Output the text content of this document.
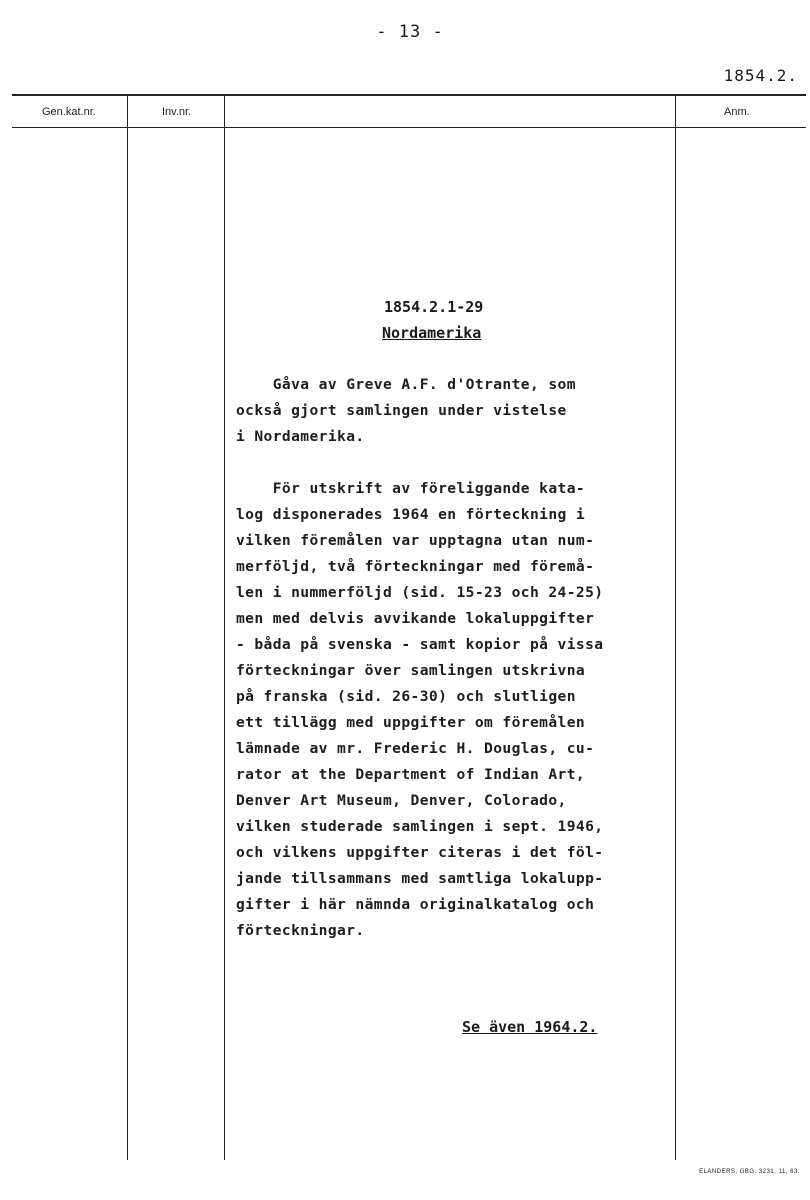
- 13 -
1854.2.
Gen.kat.nr.	Inv.nr.	Anm.
1854.2.1-29
Nordamerika
Gåva av Greve A.F. d'Otrante, som
också gjort samlingen under vistelse
i Nordamerika.
För utskrift av föreliggande kata-
log disponerades 1964 en förteckning i
vilken föremålen var upptagna utan num-
merföljd, två förteckningar med föremå-
len i nummerföljd (sid. 15-23 och 24-25)
men med delvis avvikande lokaluppgifter
- båda på svenska - samt kopior på vissa
förteckningar över samlingen utskrivna
på franska (sid. 26-30) och slutligen
ett tillägg med uppgifter om föremålen
lämnade av mr. Frederic H. Douglas, cu-
rator at the Department of Indian Art,
Denver Art Museum, Denver, Colorado,
vilken studerade samlingen i sept. 1946,
och vilkens uppgifter citeras i det föl-
jande tillsammans med samtliga lokalupp-
gifter i här nämnda originalkatalog och
förteckningar.
Se även 1964.2.
ELANDERS, GBG. 3231, 11, 63.
